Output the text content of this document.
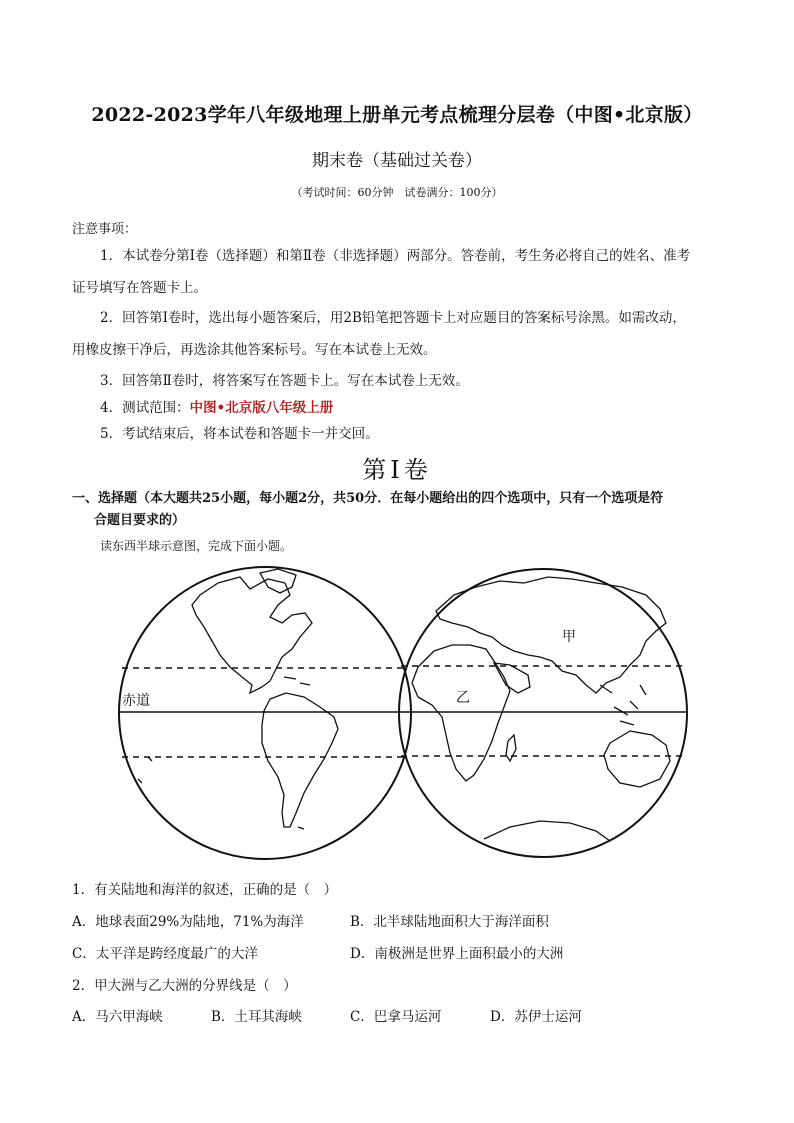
2022-2023学年八年级地理上册单元考点梳理分层卷（中图•北京版）
期末卷（基础过关卷）
（考试时间：60分钟　试卷满分：100分）
注意事项：
1．本试卷分第Ⅰ卷（选择题）和第Ⅱ卷（非选择题）两部分。答卷前，考生务必将自己的姓名、准考
证号填写在答题卡上。
2．回答第Ⅰ卷时，选出每小题答案后，用2B铅笔把答题卡上对应题目的答案标号涂黑。如需改动，
用橡皮擦干净后，再选涂其他答案标号。写在本试卷上无效。
3．回答第Ⅱ卷时，将答案写在答题卡上。写在本试卷上无效。
4．测试范围：中图•北京版八年级上册
5．考试结束后，将本试卷和答题卡一并交回。
第Ⅰ卷
一、选择题（本大题共25小题，每小题2分，共50分．在每小题给出的四个选项中，只有一个选项是符
合题目要求的）
读东西半球示意图，完成下面小题。
赤道
甲
乙
1．有关陆地和海洋的叙述，正确的是（　）
A．地球表面29%为陆地，71%为海洋	B．北半球陆地面积大于海洋面积
C．太平洋是跨经度最广的大洋	D．南极洲是世界上面积最小的大洲
2．甲大洲与乙大洲的分界线是（　）
A．马六甲海峡	B．土耳其海峡	C．巴拿马运河	D．苏伊士运河
